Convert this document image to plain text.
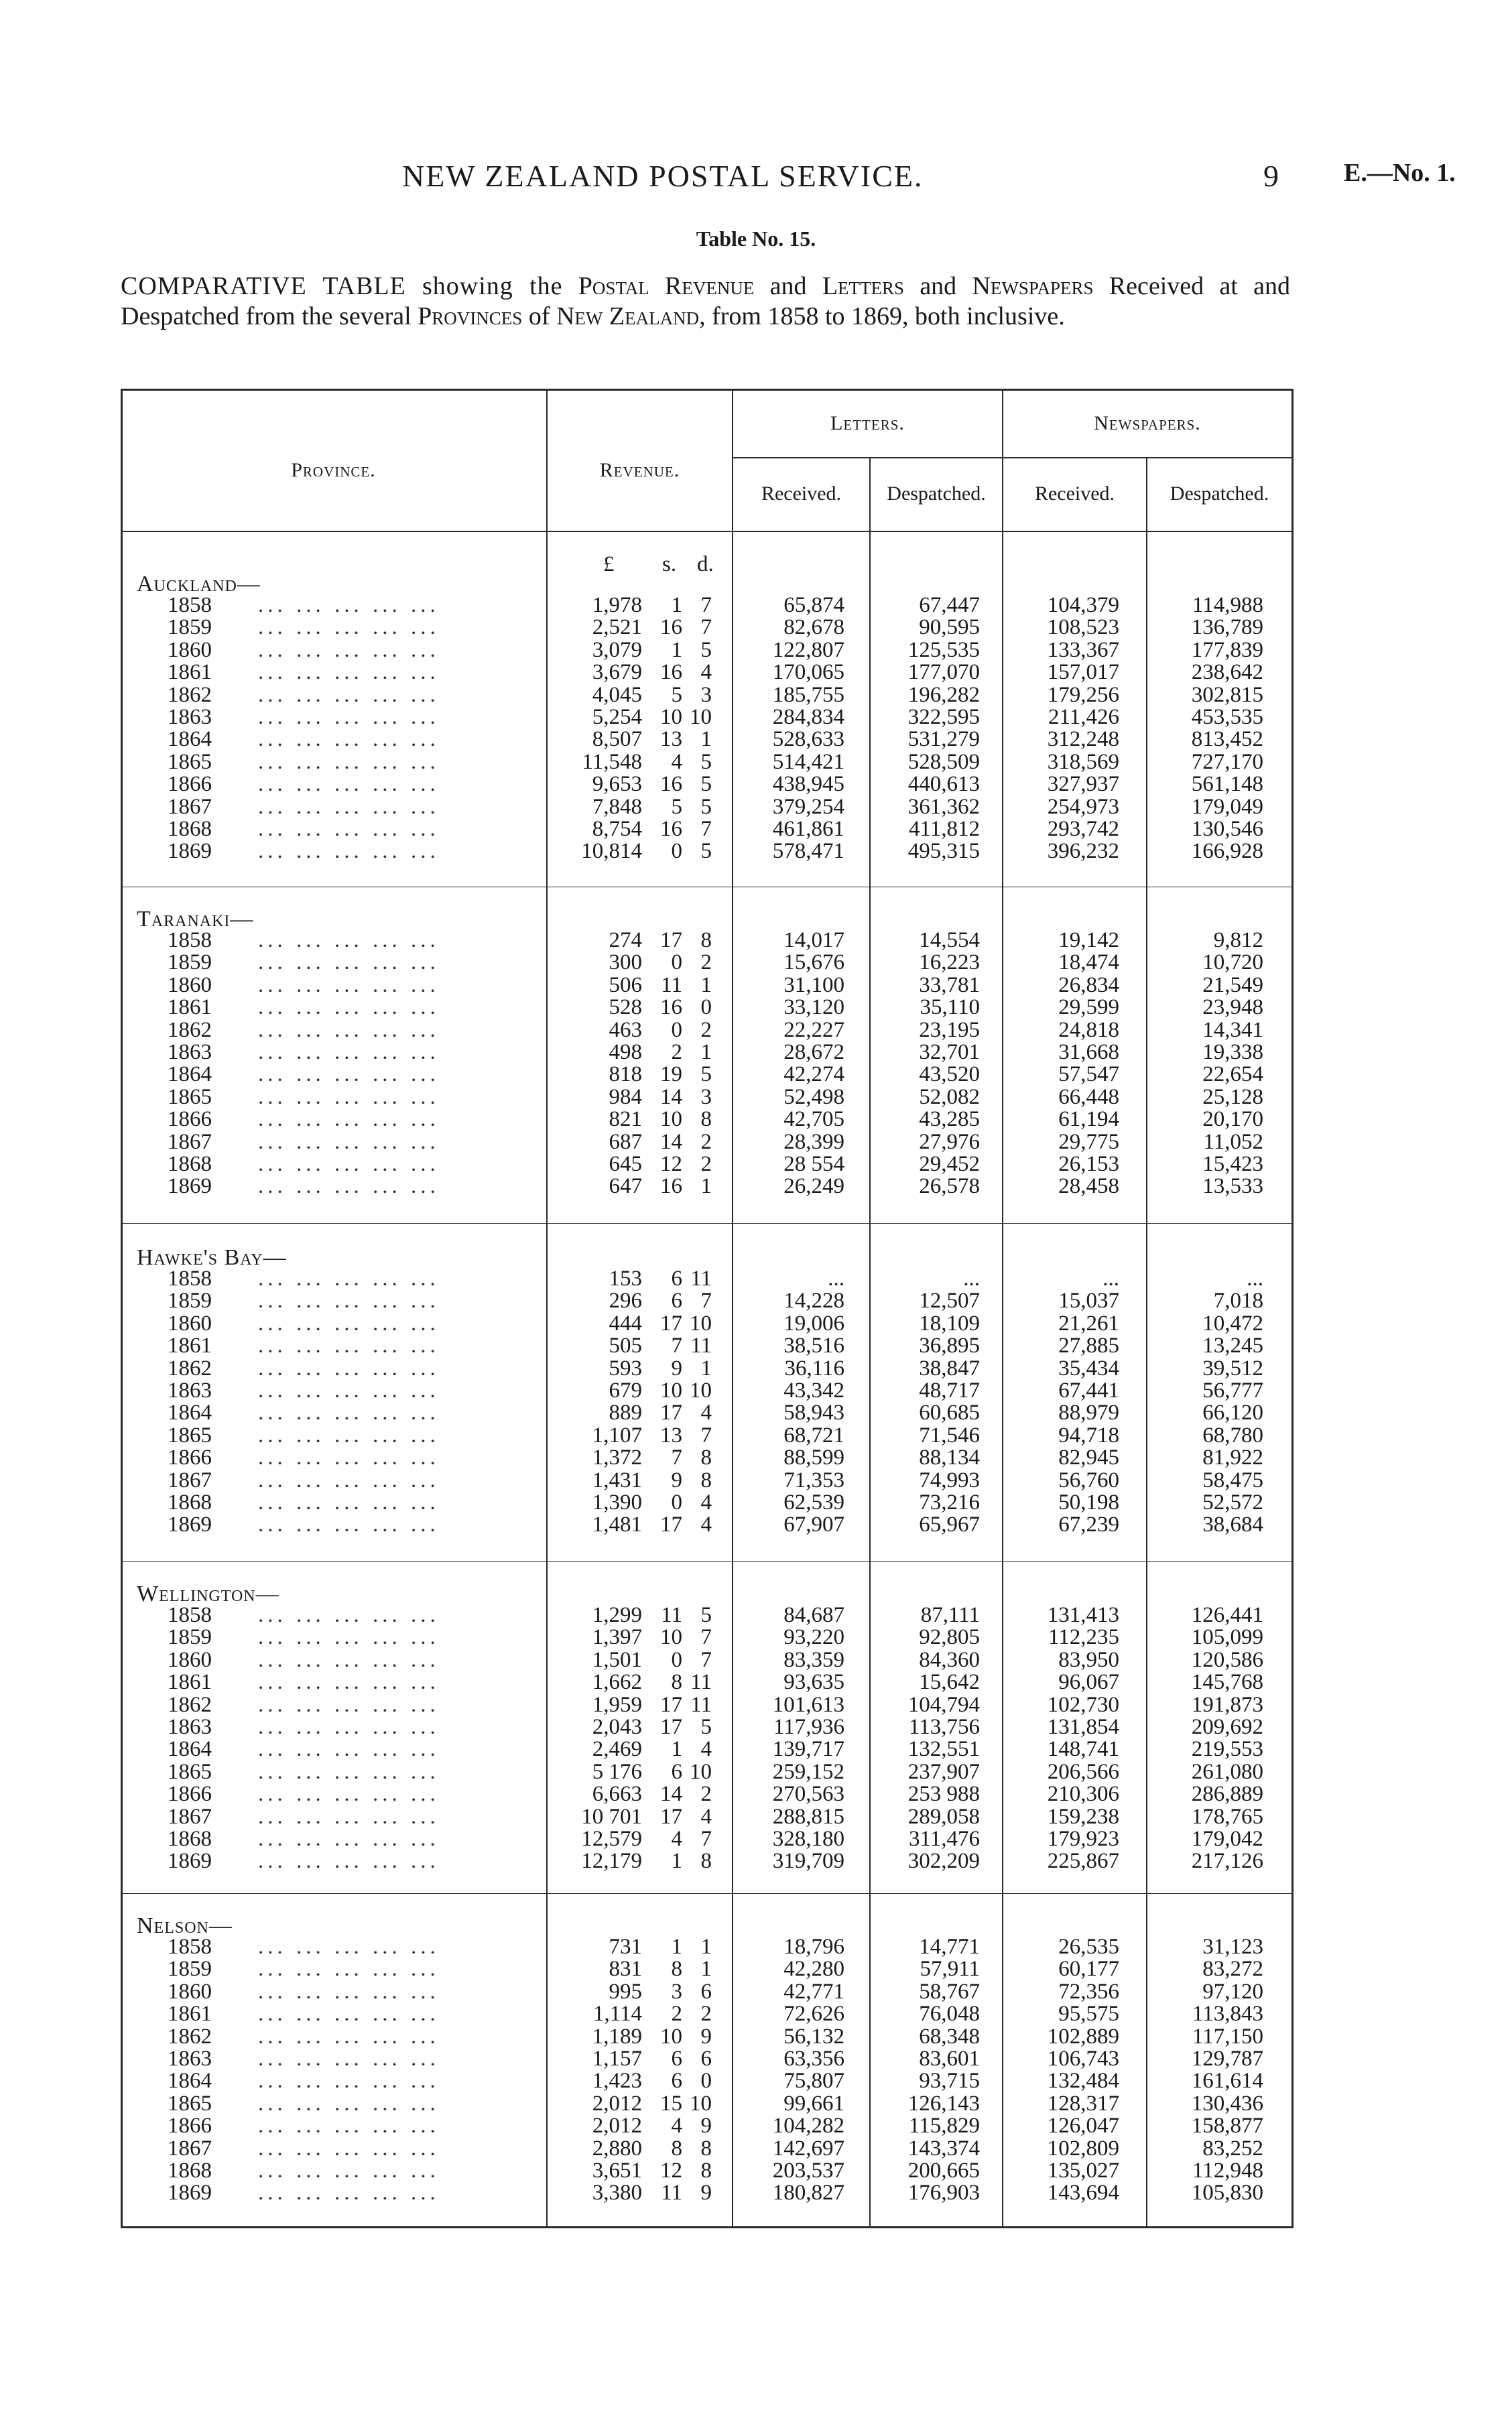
NEW ZEALAND POSTAL SERVICE.	9	E.—No. 1.
Table No. 15.
COMPARATIVE TABLE showing the Postal Revenue and Letters and Newspapers Received at and Despatched from the several Provinces of New Zealand, from 1858 to 1869, both inclusive.
Province.	Revenue.
Letters.	Newspapers.
Received.	Despatched.	Received.	Despatched.
£ s. d.
Auckland—
1858 ... ... ... ... ...	1,978 1 7	65,874	67,447	104,379	114,988
1859 ... ... ... ... ...	2,521 16 7	82,678	90,595	108,523	136,789
1860 ... ... ... ... ...	3,079 1 5	122,807	125,535	133,367	177,839
1861 ... ... ... ... ...	3,679 16 4	170,065	177,070	157,017	238,642
1862 ... ... ... ... ...	4,045 5 3	185,755	196,282	179,256	302,815
1863 ... ... ... ... ...	5,254 10 10	284,834	322,595	211,426	453,535
1864 ... ... ... ... ...	8,507 13 1	528,633	531,279	312,248	813,452
1865 ... ... ... ... ...	11,548 4 5	514,421	528,509	318,569	727,170
1866 ... ... ... ... ...	9,653 16 5	438,945	440,613	327,937	561,148
1867 ... ... ... ... ...	7,848 5 5	379,254	361,362	254,973	179,049
1868 ... ... ... ... ...	8,754 16 7	461,861	411,812	293,742	130,546
1869 ... ... ... ... ...	10,814 0 5	578,471	495,315	396,232	166,928
Taranaki—
1858 ... ... ... ... ...	274 17 8	14,017	14,554	19,142	9,812
1859 ... ... ... ... ...	300 0 2	15,676	16,223	18,474	10,720
1860 ... ... ... ... ...	506 11 1	31,100	33,781	26,834	21,549
1861 ... ... ... ... ...	528 16 0	33,120	35,110	29,599	23,948
1862 ... ... ... ... ...	463 0 2	22,227	23,195	24,818	14,341
1863 ... ... ... ... ...	498 2 1	28,672	32,701	31,668	19,338
1864 ... ... ... ... ...	818 19 5	42,274	43,520	57,547	22,654
1865 ... ... ... ... ...	984 14 3	52,498	52,082	66,448	25,128
1866 ... ... ... ... ...	821 10 8	42,705	43,285	61,194	20,170
1867 ... ... ... ... ...	687 14 2	28,399	27,976	29,775	11,052
1868 ... ... ... ... ...	645 12 2	28 554	29,452	26,153	15,423
1869 ... ... ... ... ...	647 16 1	26,249	26,578	28,458	13,533
Hawke's Bay—
1858 ... ... ... ... ...	153 6 11	...	...	...	...
1859 ... ... ... ... ...	296 6 7	14,228	12,507	15,037	7,018
1860 ... ... ... ... ...	444 17 10	19,006	18,109	21,261	10,472
1861 ... ... ... ... ...	505 7 11	38,516	36,895	27,885	13,245
1862 ... ... ... ... ...	593 9 1	36,116	38,847	35,434	39,512
1863 ... ... ... ... ...	679 10 10	43,342	48,717	67,441	56,777
1864 ... ... ... ... ...	889 17 4	58,943	60,685	88,979	66,120
1865 ... ... ... ... ...	1,107 13 7	68,721	71,546	94,718	68,780
1866 ... ... ... ... ...	1,372 7 8	88,599	88,134	82,945	81,922
1867 ... ... ... ... ...	1,431 9 8	71,353	74,993	56,760	58,475
1868 ... ... ... ... ...	1,390 0 4	62,539	73,216	50,198	52,572
1869 ... ... ... ... ...	1,481 17 4	67,907	65,967	67,239	38,684
Wellington—
1858 ... ... ... ... ...	1,299 11 5	84,687	87,111	131,413	126,441
1859 ... ... ... ... ...	1,397 10 7	93,220	92,805	112,235	105,099
1860 ... ... ... ... ...	1,501 0 7	83,359	84,360	83,950	120,586
1861 ... ... ... ... ...	1,662 8 11	93,635	15,642	96,067	145,768
1862 ... ... ... ... ...	1,959 17 11	101,613	104,794	102,730	191,873
1863 ... ... ... ... ...	2,043 17 5	117,936	113,756	131,854	209,692
1864 ... ... ... ... ...	2,469 1 4	139,717	132,551	148,741	219,553
1865 ... ... ... ... ...	5 176 6 10	259,152	237,907	206,566	261,080
1866 ... ... ... ... ...	6,663 14 2	270,563	253 988	210,306	286,889
1867 ... ... ... ... ...	10 701 17 4	288,815	289,058	159,238	178,765
1868 ... ... ... ... ...	12,579 4 7	328,180	311,476	179,923	179,042
1869 ... ... ... ... ...	12,179 1 8	319,709	302,209	225,867	217,126
Nelson—
1858 ... ... ... ... ...	731 1 1	18,796	14,771	26,535	31,123
1859 ... ... ... ... ...	831 8 1	42,280	57,911	60,177	83,272
1860 ... ... ... ... ...	995 3 6	42,771	58,767	72,356	97,120
1861 ... ... ... ... ...	1,114 2 2	72,626	76,048	95,575	113,843
1862 ... ... ... ... ...	1,189 10 9	56,132	68,348	102,889	117,150
1863 ... ... ... ... ...	1,157 6 6	63,356	83,601	106,743	129,787
1864 ... ... ... ... ...	1,423 6 0	75,807	93,715	132,484	161,614
1865 ... ... ... ... ...	2,012 15 10	99,661	126,143	128,317	130,436
1866 ... ... ... ... ...	2,012 4 9	104,282	115,829	126,047	158,877
1867 ... ... ... ... ...	2,880 8 8	142,697	143,374	102,809	83,252
1868 ... ... ... ... ...	3,651 12 8	203,537	200,665	135,027	112,948
1869 ... ... ... ... ...	3,380 11 9	180,827	176,903	143,694	105,830
